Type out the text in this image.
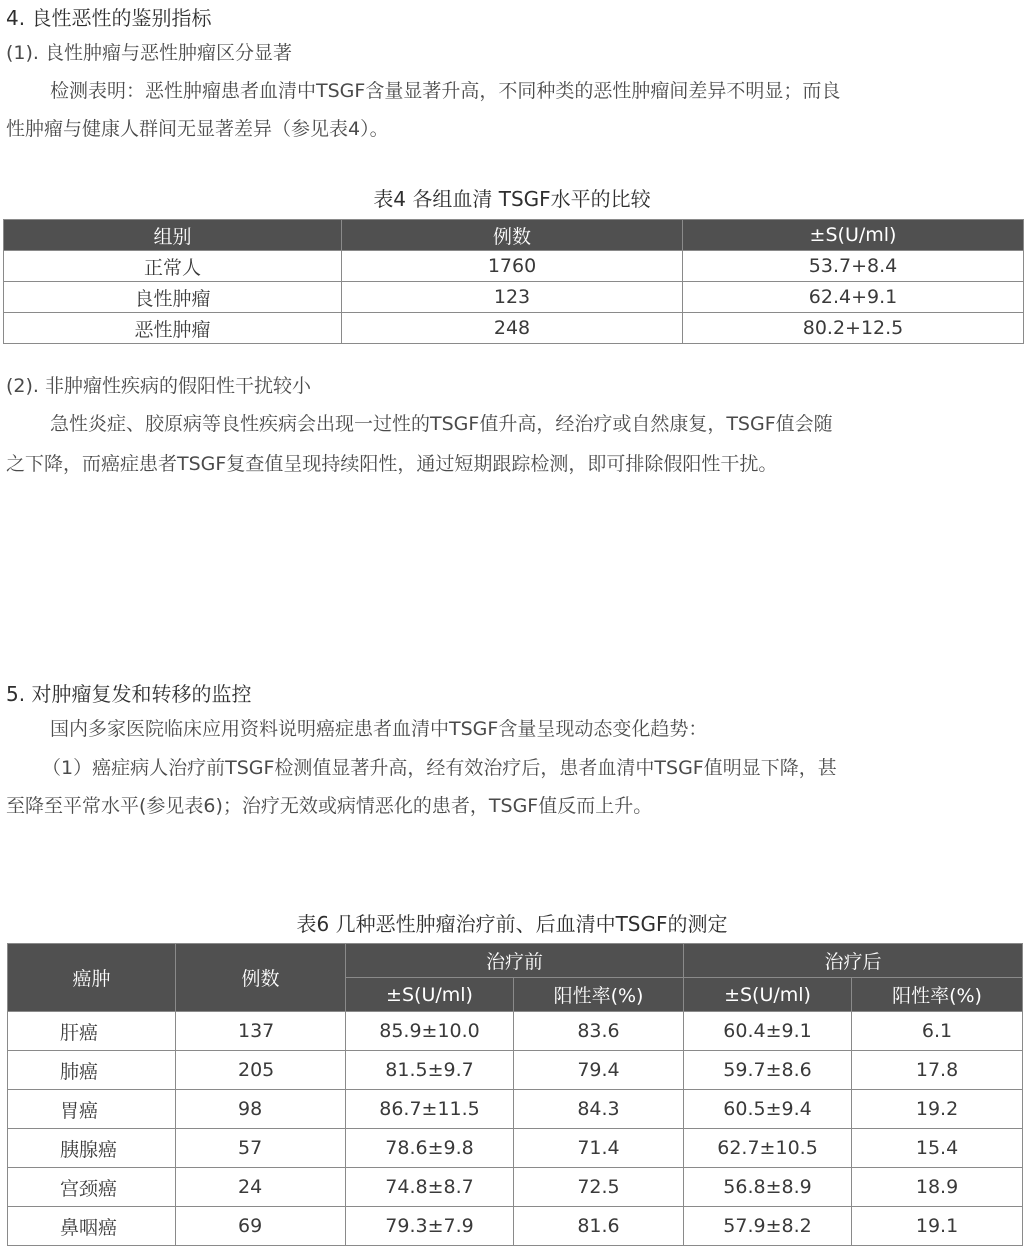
4. 良性恶性的鉴别指标
(1). 良性肿瘤与恶性肿瘤区分显著
检测表明：恶性肿瘤患者血清中TSGF含量显著升高，不同种类的恶性肿瘤间差异不明显；而良
性肿瘤与健康人群间无显著差异（参见表4）。
表4 各组血清 TSGF水平的比较
组别	例数	±S(U/ml)
正常人	1760	53.7+8.4
良性肿瘤	123	62.4+9.1
恶性肿瘤	248	80.2+12.5
(2). 非肿瘤性疾病的假阳性干扰较小
急性炎症、胶原病等良性疾病会出现一过性的TSGF值升高，经治疗或自然康复，TSGF值会随
之下降，而癌症患者TSGF复查值呈现持续阳性，通过短期跟踪检测，即可排除假阳性干扰。
5. 对肿瘤复发和转移的监控
国内多家医院临床应用资料说明癌症患者血清中TSGF含量呈现动态变化趋势：
（1）癌症病人治疗前TSGF检测值显著升高，经有效治疗后，患者血清中TSGF值明显下降，甚
至降至平常水平(参见表6)；治疗无效或病情恶化的患者，TSGF值反而上升。
表6 几种恶性肿瘤治疗前、后血清中TSGF的测定
癌肿	例数	治疗前		治疗后	
		±S(U/ml)	阳性率(%)	±S(U/ml)	阳性率(%)
肝癌	137	85.9±10.0	83.6	60.4±9.1	6.1
肺癌	205	81.5±9.7	79.4	59.7±8.6	17.8
胃癌	98	86.7±11.5	84.3	60.5±9.4	19.2
胰腺癌	57	78.6±9.8	71.4	62.7±10.5	15.4
宫颈癌	24	74.8±8.7	72.5	56.8±8.9	18.9
鼻咽癌	69	79.3±7.9	81.6	57.9±8.2	19.1
